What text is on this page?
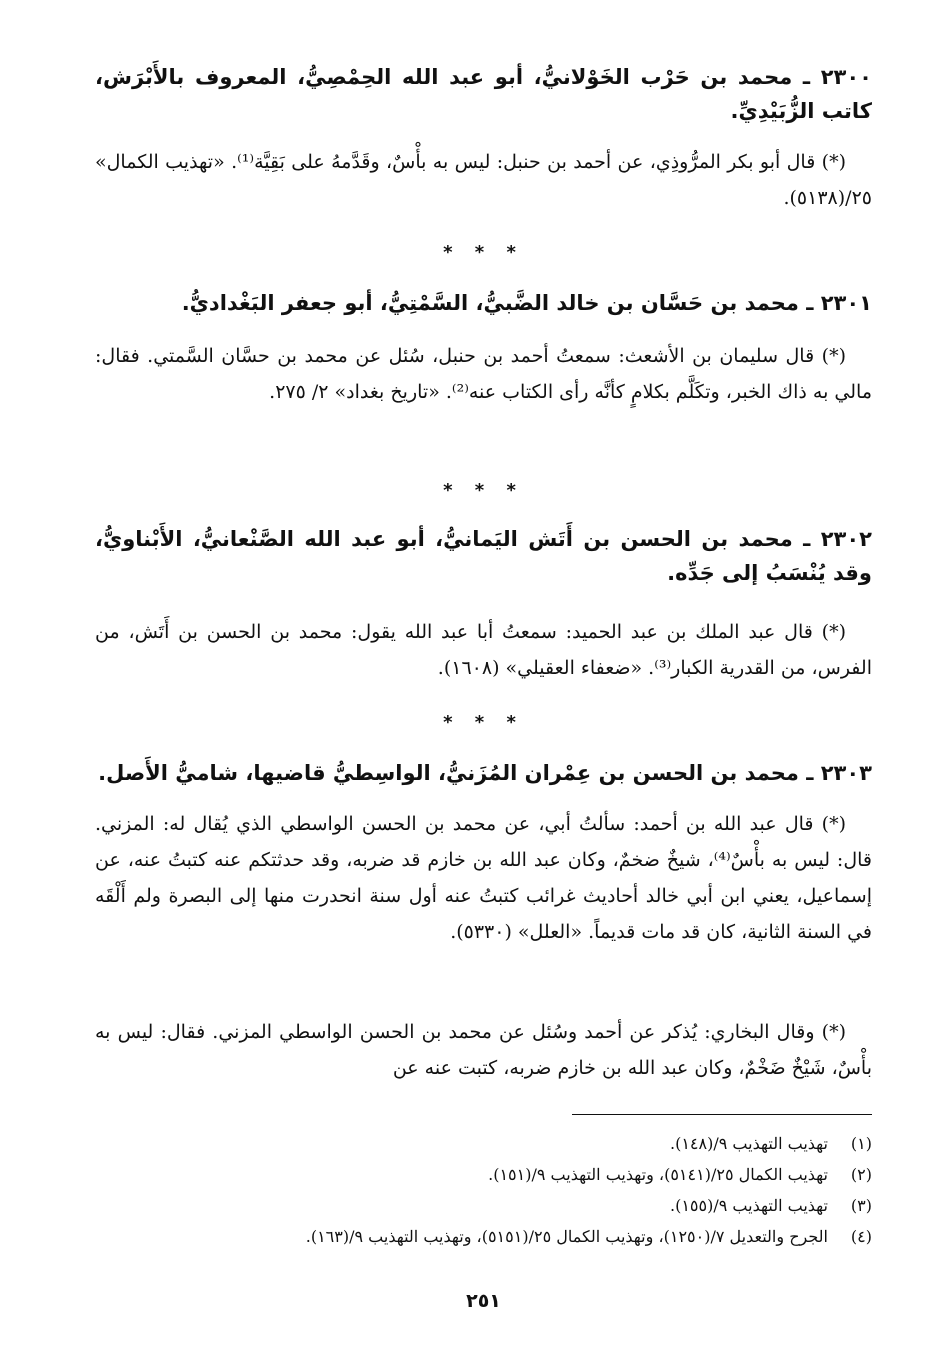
٢٣٠٠ ـ محمد بن حَرْب الخَوْلانيُّ، أبو عبد الله الحِمْصِيُّ، المعروف بالأَبْرَش، كاتب الزُّبَيْدِيِّ.

(*) قال أبو بكر المرُّوذِي، عن أحمد بن حنبل: ليس به بأْسٌ، وقَدَّمهُ على بَقِيَّة⁽¹⁾. «تهذيب الكمال» ٢٥/(٥١٣٨).

* * *

٢٣٠١ ـ محمد بن حَسَّان بن خالد الضَّبيُّ، السَّمْتِيُّ، أبو جعفر البَغْداديُّ.

(*) قال سليمان بن الأشعث: سمعتُ أحمد بن حنبل، سُئل عن محمد بن حسَّان السَّمتي. فقال: مالي به ذاك الخبر، وتكَلَّم بكلامٍ كأنَّه رأى الكتاب عنه⁽²⁾. «تاريخ بغداد» ٢/ ٢٧٥.

* * *

٢٣٠٢ ـ محمد بن الحسن بن أَتَش اليَمانيُّ، أبو عبد الله الصَّنْعانيُّ، الأَبْناويُّ، وقد يُنْسَبُ إلى جَدِّه.

(*) قال عبد الملك بن عبد الحميد: سمعتُ أبا عبد الله يقول: محمد بن الحسن بن أَتَش، من الفرس، من القدرية الكبار⁽³⁾. «ضعفاء العقيلي» (١٦٠٨).

* * *

٢٣٠٣ ـ محمد بن الحسن بن عِمْران المُزَنيُّ، الواسِطيُّ قاضيها، شاميُّ الأَصل.

(*) قال عبد الله بن أحمد: سألتُ أبي، عن محمد بن الحسن الواسطي الذي يُقال له: المزني. قال: ليس به بأْسٌ⁽⁴⁾، شيخٌ ضخمٌ، وكان عبد الله بن خازم قد ضربه، وقد حدثتكم عنه كتبتُ عنه، عن إسماعيل، يعني ابن أبي خالد أحاديث غرائب كتبتُ عنه أول سنة انحدرت منها إلى البصرة ولم أَلْقَه في السنة الثانية، كان قد مات قديماً. «العلل» (٥٣٣٠).

(*) وقال البخاري: يُذكر عن أحمد وسُئل عن محمد بن الحسن الواسطي المزني. فقال: ليس به بأْسٌ، شَيْخٌ ضَخْمٌ، وكان عبد الله بن خازم ضربه، كتبت عنه عن

(١)
تهذيب التهذيب ٩/(١٤٨).
(٢)
تهذيب الكمال ٢٥/(٥١٤١)، وتهذيب التهذيب ٩/(١٥١).
(٣)
تهذيب التهذيب ٩/(١٥٥).
(٤)
الجرح والتعديل ٧/(١٢٥٠)، وتهذيب الكمال ٢٥/(٥١٥١)، وتهذيب التهذيب ٩/(١٦٣).
٢٥١
